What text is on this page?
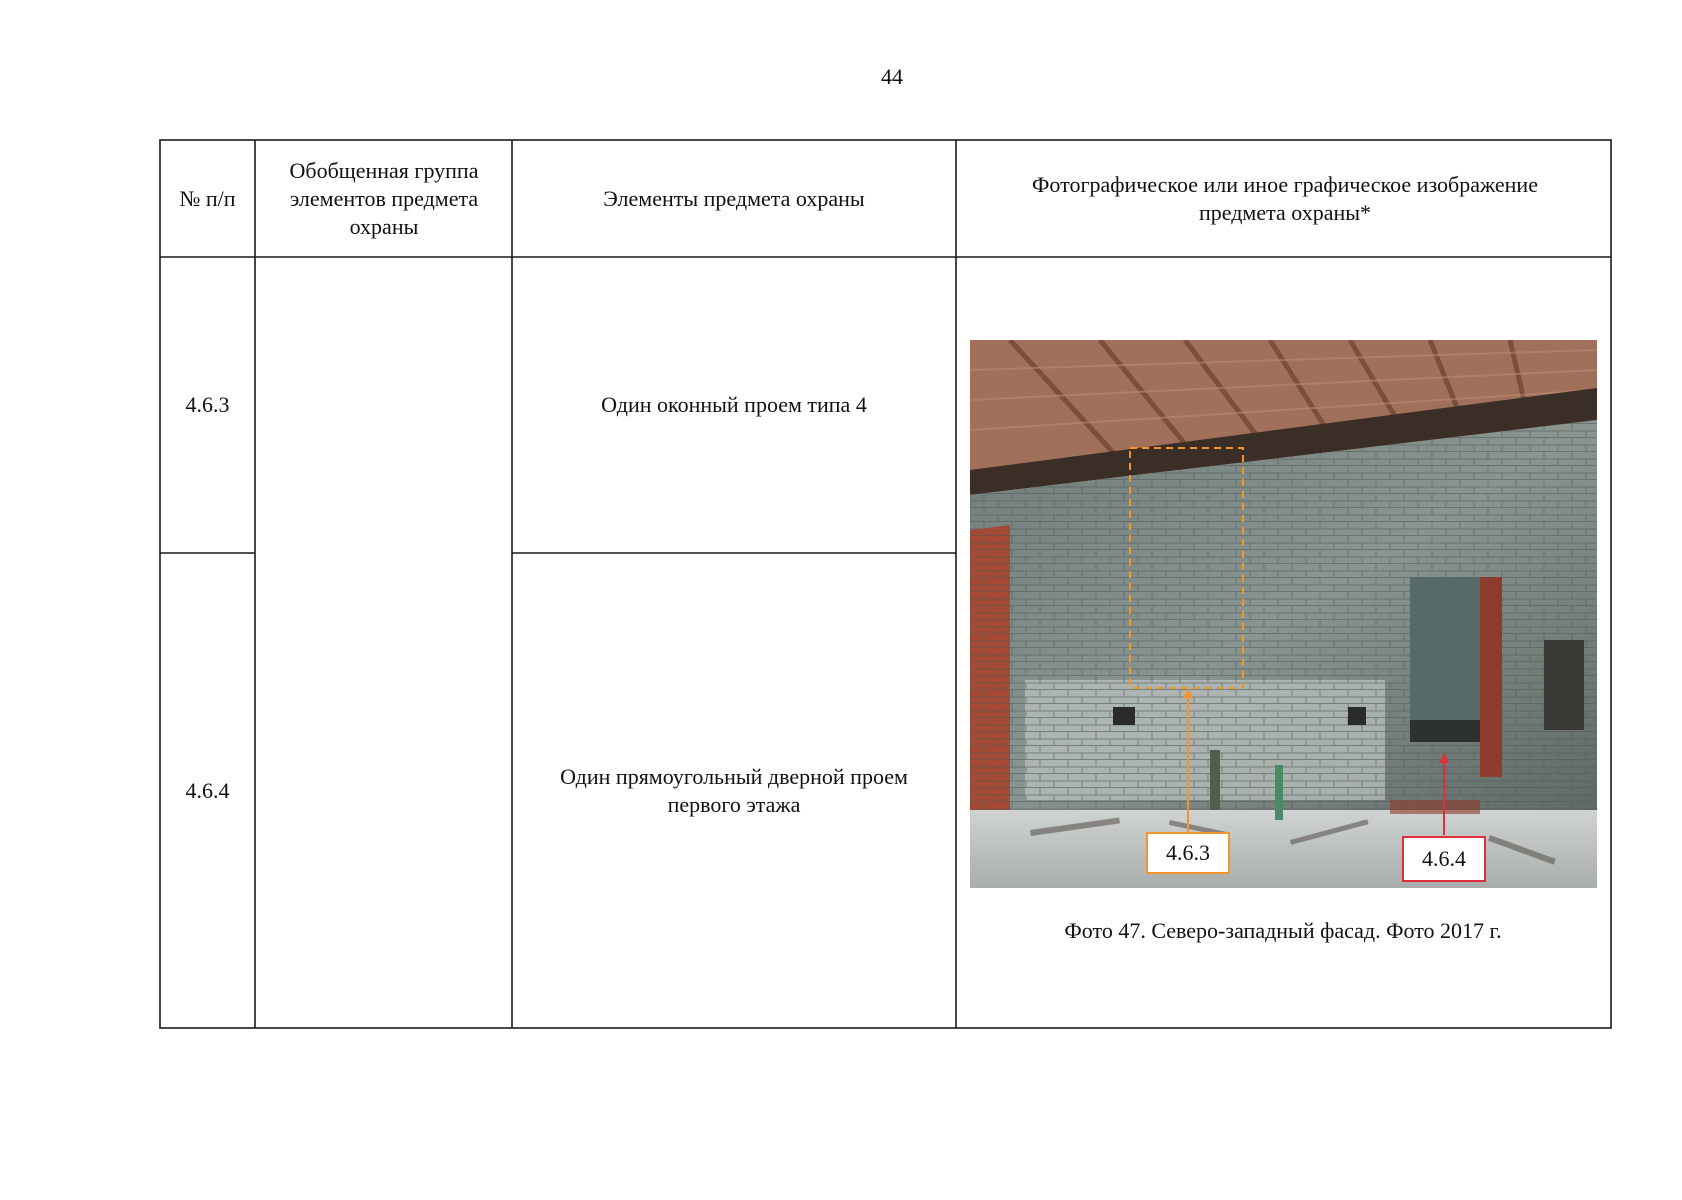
44
№ п/п
Обобщенная группа элементов предмета охраны
Элементы предмета охраны
Фотографическое или иное графическое изображение предмета охраны*
4.6.3	Один оконный проем типа 4
4.6.4
Один прямоугольный дверной проем первого этажа
4.6.3	4.6.4
Фото 47. Северо-западный фасад. Фото 2017 г.
